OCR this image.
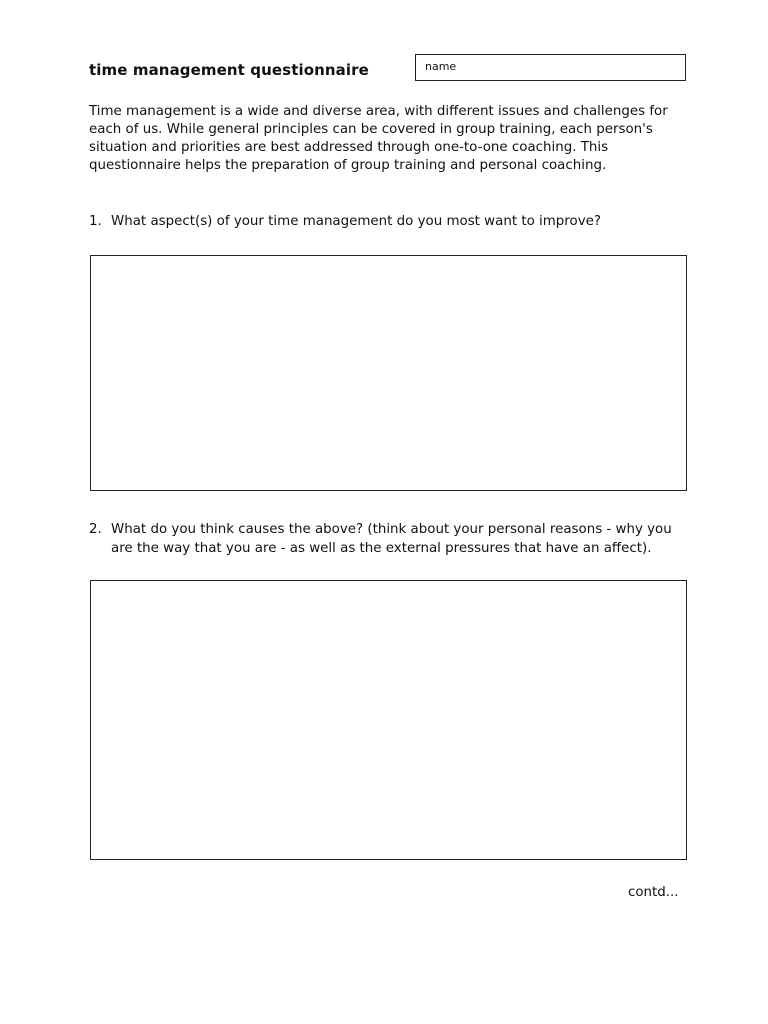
time management questionnaire	name

Time management is a wide and diverse area, with different issues and challenges for each of us. While general principles can be covered in group training, each person's situation and priorities are best addressed through one-to-one coaching. This questionnaire helps the preparation of group training and personal coaching.

1. What aspect(s) of your time management do you most want to improve?
2. What do you think causes the above? (think about your personal reasons - why you are the way that you are - as well as the external pressures that have an affect).
contd...
